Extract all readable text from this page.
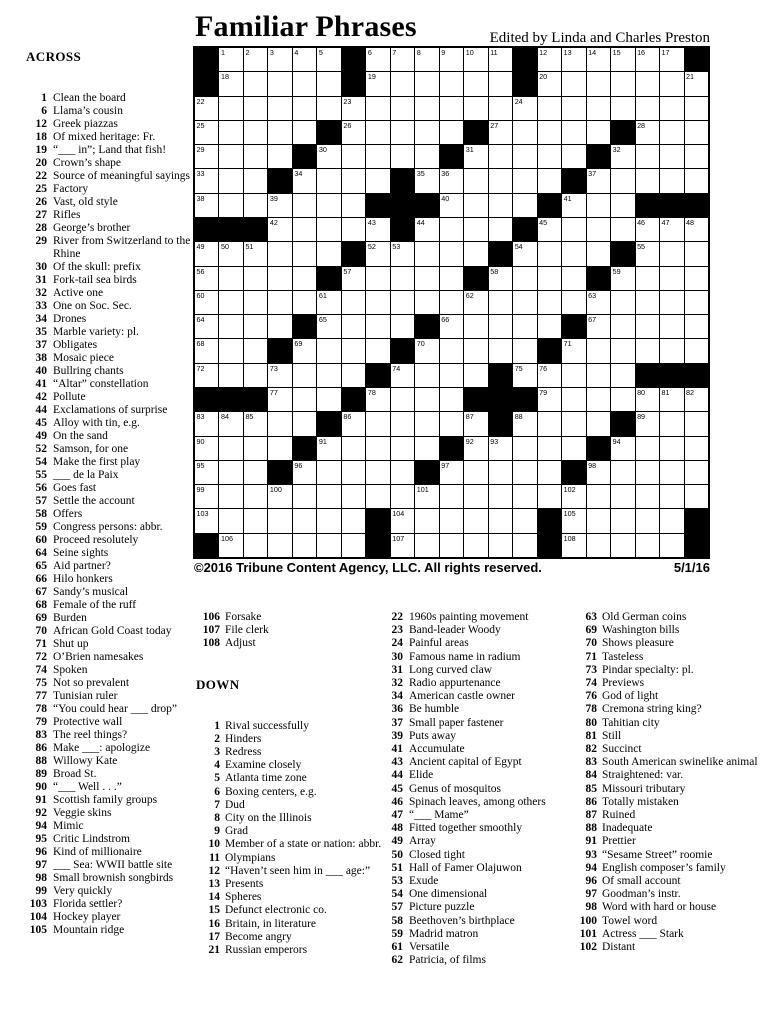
Familiar Phrases	Edited by Linda and Charles Preston
ACROSS
1 Clean the board
6 Llama’s cousin
12 Greek piazzas
18 Of mixed heritage: Fr.
19 “___ in”; Land that fish!
20 Crown’s shape
22 Source of meaningful sayings
25 Factory
26 Vast, old style
27 Rifles
28 George’s brother
29 River from Switzerland to the Rhine
30 Of the skull: prefix
31 Fork-tail sea birds
32 Active one
33 One on Soc. Sec.
34 Drones
35 Marble variety: pl.
37 Obligates
38 Mosaic piece
40 Bullring chants
41 “Altar” constellation
42 Pollute
44 Exclamations of surprise
45 Alloy with tin, e.g.
49 On the sand
52 Samson, for one
54 Make the first play
55 ___ de la Paix
56 Goes fast
57 Settle the account
58 Offers
59 Congress persons: abbr.
60 Proceed resolutely
64 Seine sights
65 Aid partner?
66 Hilo honkers
67 Sandy’s musical
68 Female of the ruff
69 Burden
70 African Gold Coast today
71 Shut up
72 O’Brien namesakes
74 Spoken
75 Not so prevalent
77 Tunisian ruler
78 “You could hear ___ drop”
79 Protective wall
83 The reel things?
86 Make ___: apologize
88 Willowy Kate
89 Broad St.
90 “___ Well . . .”
91 Scottish family groups
92 Veggie skins
94 Mimic
95 Critic Lindstrom
96 Kind of millionaire
97 ___ Sea: WWII battle site
98 Small brownish songbirds
99 Very quickly
103 Florida settler?
104 Hockey player
105 Mountain ridge
1	2	3	4	5	6	7	8	9	10 11	12 13 14 15 16 17
18	19	20	21
22	23	24
25	26	27	28
29	30	31	32
33	34	35 36	37
38	39	40	41
42	43	44	45	46 47 48
49 50 51	52 53	54	55
56	57	58	59
60	61	62	63
64	65	66	67
68	69	70	71
72	73	74	75 76
77	78	79	80 81 82
83 84 85	86	87	88	89
90	91	92 93	94
95	96	97	98
99	100	101	102
103	104	105
106	107	108
©2016 Tribune Content Agency, LLC. All rights reserved.	5/1/16
106 Forsake
107 File clerk
108 Adjust
DOWN
1 Rival successfully
2 Hinders
3 Redress
4 Examine closely
5 Atlanta time zone
6 Boxing centers, e.g.
7 Dud
8 City on the Illinois
9 Grad
10 Member of a state or nation: abbr.
11 Olympians
12 “Haven’t seen him in ___ age:”
13 Presents
14 Spheres
15 Defunct electronic co.
16 Britain, in literature
17 Become angry
21 Russian emperors
22 1960s painting movement
23 Band-leader Woody
24 Painful areas
30 Famous name in radium
31 Long curved claw
32 Radio appurtenance
34 American castle owner
36 Be humble
37 Small paper fastener
39 Puts away
41 Accumulate
43 Ancient capital of Egypt
44 Elide
45 Genus of mosquitos
46 Spinach leaves, among others
47 “___ Mame”
48 Fitted together smoothly
49 Array
50 Closed tight
51 Hall of Famer Olajuwon
53 Exude
54 One dimensional
57 Picture puzzle
58 Beethoven’s birthplace
59 Madrid matron
61 Versatile
62 Patricia, of films
63 Old German coins
69 Washington bills
70 Shows pleasure
71 Tasteless
73 Pindar specialty: pl.
74 Previews
76 God of light
78 Cremona string king?
80 Tahitian city
81 Still
82 Succinct
83 South American swinelike animal
84 Straightened: var.
85 Missouri tributary
86 Totally mistaken
87 Ruined
88 Inadequate
91 Prettier
93 “Sesame Street” roomie
94 English composer’s family
96 Of small account
97 Goodman’s instr.
98 Word with hard or house
100 Towel word
101 Actress ___ Stark
102 Distant
